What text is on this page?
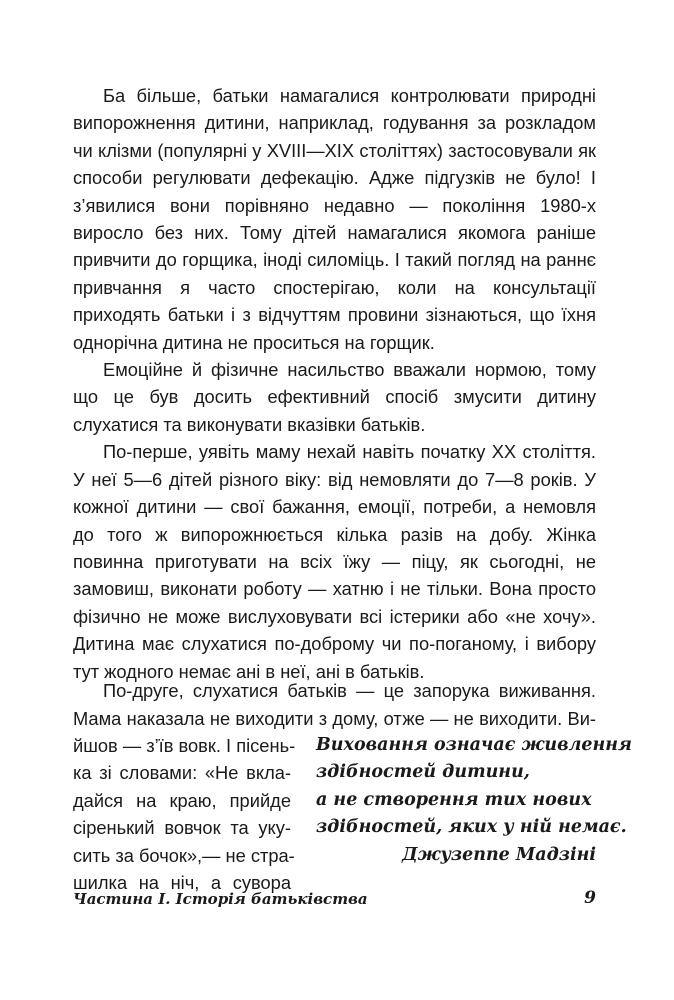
Ба більше, батьки намагалися контролювати природні випорожнення дитини, наприклад, годування за розкладом чи клізми (популярні у XVIII—XIX століттях) застосовували як способи регулювати дефекацію. Адже підгузків не було! І з’явилися вони порівняно недавно — покоління 1980-х виросло без них. Тому дітей намагалися якомога раніше привчити до горщика, іноді силоміць. І такий погляд на раннє привчання я часто спостерігаю, коли на консультації приходять батьки і з відчуттям провини зізнаються, що їхня однорічна дитина не проситься на горщик.

Емоційне й фізичне насильство вважали нормою, тому що це був досить ефективний спосіб змусити дитину слухатися та виконувати вказівки батьків.

По-перше, уявіть маму нехай навіть початку XX століття. У неї 5—6 дітей різного віку: від немовляти до 7—8 років. У кожної дитини — свої бажання, емоції, потреби, а немовля до того ж випорожнюється кілька разів на добу. Жінка повинна приготувати на всіх їжу — піцу, як сьогодні, не замовиш, виконати роботу — хатню і не тільки. Вона просто фізично не може вислуховувати всі істерики або «не хочу». Дитина має слухатися по-доброму чи по-поганому, і вибору тут жодного немає ані в неї, ані в батьків.

По-друге, слухатися батьків — це запорука виживання.
Мама наказала не виходити з дому, отже — не виходити. Ви-
йшов — з’їв вовк. І пісень-
ка зі словами: «Не вкла-
дайся на краю, прийде
сіренький вовчок та уку-
сить за бочок»,— не стра-
шилка на ніч, а сувора
Виховання означає живлення
здібностей дитини,
а не створення тих нових
здібностей, яких у ній немає.
Джузеппе Мадзіні
Частина I. Історія батьківства	9
